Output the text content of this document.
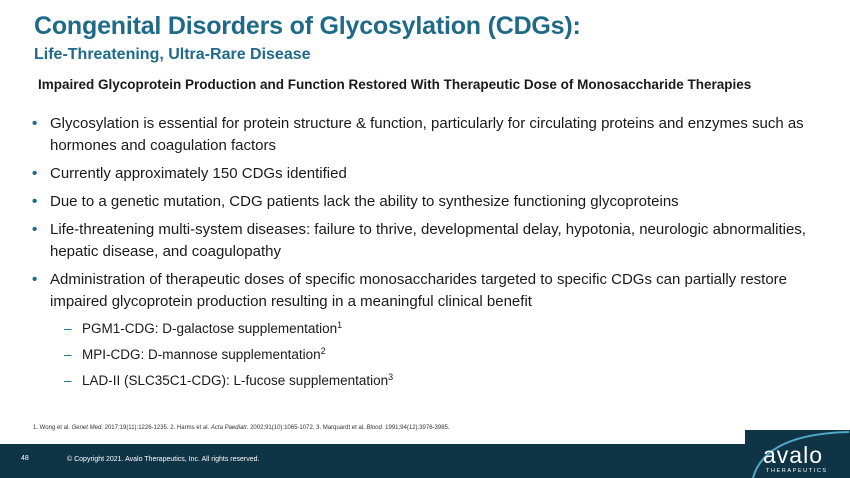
Congenital Disorders of Glycosylation (CDGs):
Life-Threatening, Ultra-Rare Disease
Impaired Glycoprotein Production and Function Restored With Therapeutic Dose of Monosaccharide Therapies
• Glycosylation is essential for protein structure & function, particularly for circulating proteins and enzymes such as hormones and coagulation factors
• Currently approximately 150 CDGs identified
• Due to a genetic mutation, CDG patients lack the ability to synthesize functioning glycoproteins
• Life-threatening multi-system diseases: failure to thrive, developmental delay, hypotonia, neurologic abnormalities, hepatic disease, and coagulopathy
• Administration of therapeutic doses of specific monosaccharides targeted to specific CDGs can partially restore impaired glycoprotein production resulting in a meaningful clinical benefit
– PGM1-CDG: D-galactose supplementation$^1$
– MPI-CDG: D-mannose supplementation$^2$
– LAD-II (SLC35C1-CDG): L-fucose supplementation$^3$
1. Wong et al. Genet Med. 2017;19(11):1226-1235. 2. Harms et al. Acta Paediatr. 2002;91(10):1065-1072. 3. Marquardt et al. Blood. 1991;94(12):3976-3985.
48	© Copyright 2021. Avalo Therapeutics, Inc. All rights reserved.	avalo
THERAPEUTICS
